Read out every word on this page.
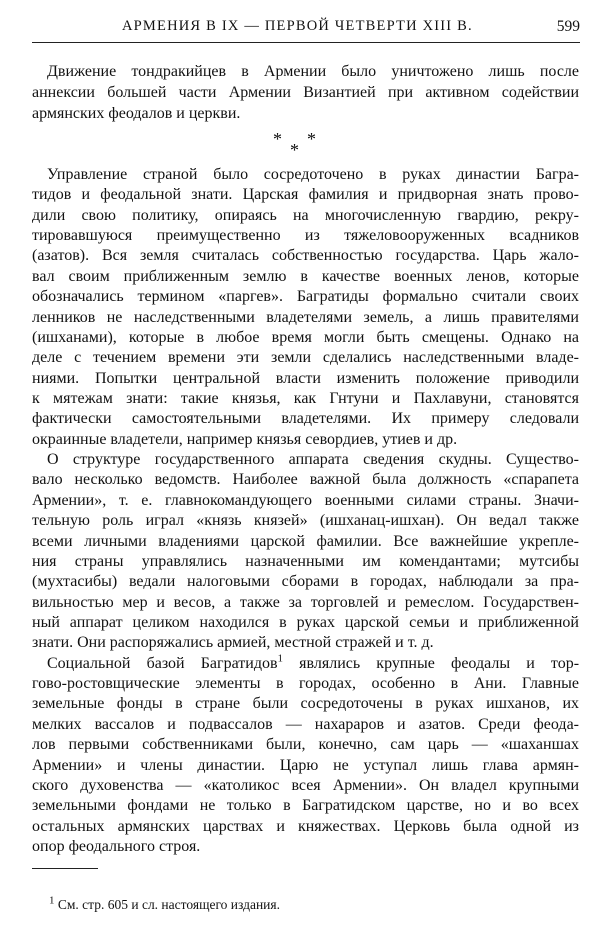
АРМЕНИЯ В IX — ПЕРВОЙ ЧЕТВЕРТИ XIII В.	599

Движение тондракийцев в Армении было уничтожено лишь после

аннексии большей части Армении Византией при активном содействии

армянских феодалов и церкви.

* *
*

Управление страной было сосредоточено в руках династии Багра-

тидов и феодальной знати. Царская фамилия и придворная знать прово-

дили свою политику, опираясь на многочисленную гвардию, рекру-

тировавшуюся преимущественно из тяжеловооруженных всадников

(азатов). Вся земля считалась собственностью государства. Царь жало-

вал своим приближенным землю в качестве военных ленов, которые

обозначались термином «паргев». Багратиды формально считали своих

ленников не наследственными владетелями земель, а лишь правителями

(ишханами), которые в любое время могли быть смещены. Однако на

деле с течением времени эти земли сделались наследственными владе-

ниями. Попытки центральной власти изменить положение приводили

к мятежам знати: такие князья, как Гнтуни и Пахлавуни, становятся

фактически самостоятельными владетелями. Их примеру следовали

окраинные владетели, например князья севордиев, утиев и др.

О структуре государственного аппарата сведения скудны. Существо-

вало несколько ведомств. Наиболее важной была должность «спарапета

Армении», т. е. главнокомандующего военными силами страны. Значи-

тельную роль играл «князь князей» (ишханац-ишхан). Он ведал также

всеми личными владениями царской фамилии. Все важнейшие укрепле-

ния страны управлялись назначенными им комендантами; мутсибы

(мухтасибы) ведали налоговыми сборами в городах, наблюдали за пра-

вильностью мер и весов, а также за торговлей и ремеслом. Государствен-

ный аппарат целиком находился в руках царской семьи и приближенной

знати. Они распоряжались армией, местной стражей и т. д.

Социальной базой Багратидов$^1$ являлись крупные феодалы и тор-

гово-ростовщические элементы в городах, особенно в Ани. Главные

земельные фонды в стране были сосредоточены в руках ишханов, их

мелких вассалов и подвассалов — нахараров и азатов. Среди феода-

лов первыми собственниками были, конечно, сам царь — «шаханшах

Армении» и члены династии. Царю не уступал лишь глава армян-

ского духовенства — «католикос всея Армении». Он владел крупными

земельными фондами не только в Багратидском царстве, но и во всех

остальных армянских царствах и княжествах. Церковь была одной из

опор феодального строя.

$^1$ См. стр. 605 и сл. настоящего издания.
